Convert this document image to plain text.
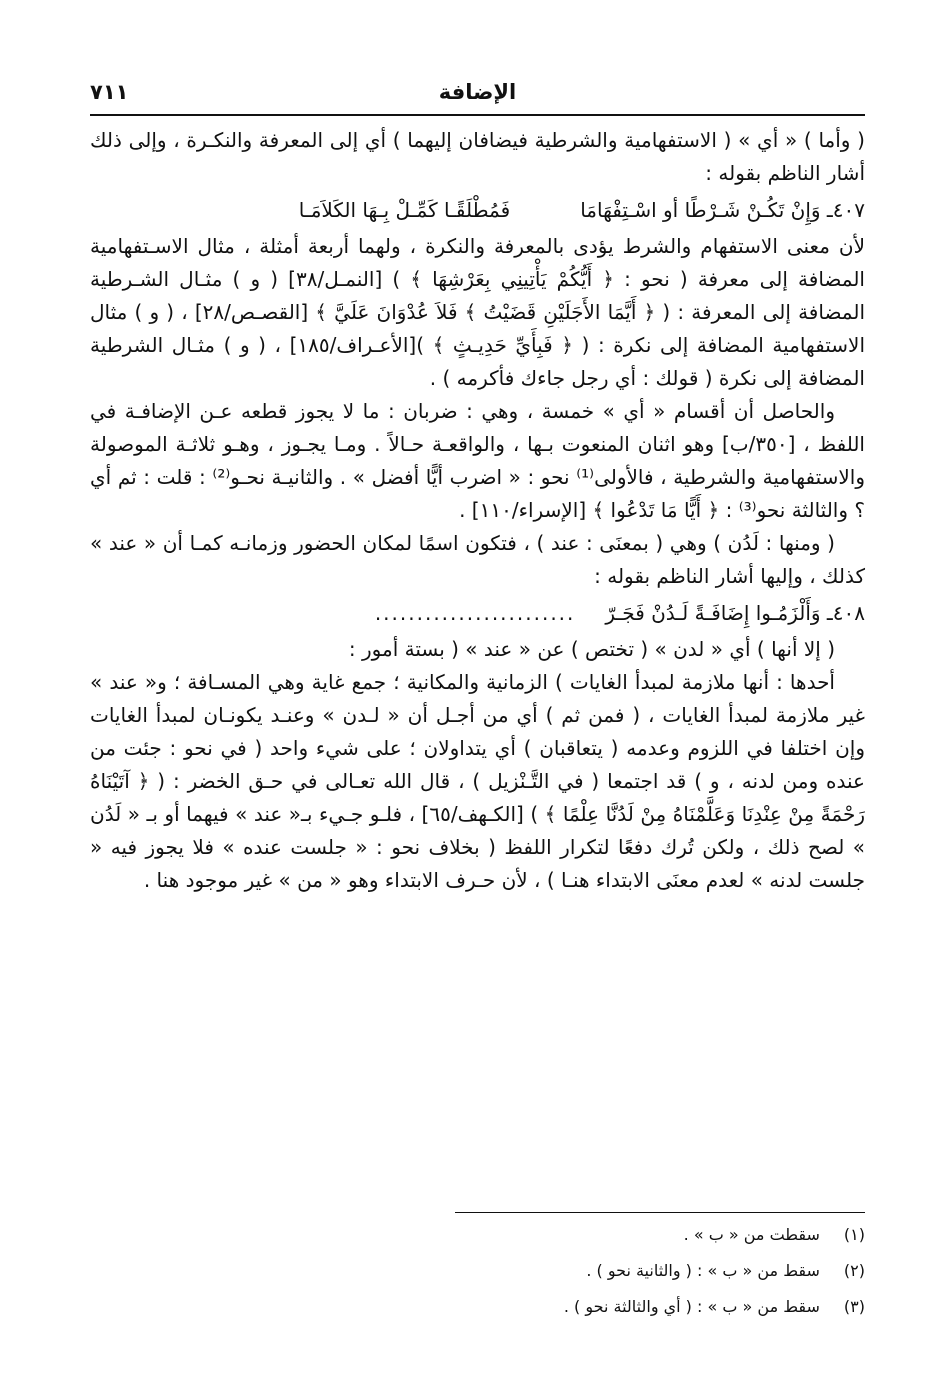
الإضافة
٧١١

( وأما ) « أي » ( الاستفهامية والشرطية فيضافان إليهما ) أي إلى المعرفة والنكـرة ، وإلى ذلك أشار الناظم بقوله :

٤٠٧ـ وَإِنْ تَكُـنْ شَـرْطًا أو اسْـتِفْهَامَا
فَمُطْلَقًـا كَمِّـلْ بِـهَا الكَلاَمَـا

لأن معنى الاستفهام والشرط يؤدى بالمعرفة والنكرة ، ولهما أربعة أمثلة ، مثال الاسـتفهامية المضافة إلى معرفة ( نحو : ﴿ أَيُّكُمْ يَأْتِينِي بِعَرْشِهَا ﴾ ) [النمـل/٣٨] ( و ) مثـال الشـرطية المضافة إلى المعرفة : ( ﴿ أَيَّمَا الأَجَلَيْنِ قَضَيْتُ ﴾ فَلاَ عُدْوَانَ عَلَيَّ ﴾ [القصـص/٢٨] ، ( و ) مثال الاستفهامية المضافة إلى نكرة : ( ﴿ فَبِأَيِّ حَدِيـثٍ ﴾ )[الأعـراف/١٨٥] ، ( و ) مثـال الشرطية المضافة إلى نكرة ( قولك : أي رجل جاءك فأكرمه ) .

والحاصل أن أقسام « أي » خمسة ، وهي : ضربان : ما لا يجوز قطعه عـن الإضافـة في اللفظ ، [٣٥٠/ب] وهو اثنان المنعوت بـها ، والواقعـة حـالاً . ومـا يجـوز ، وهـو ثلاثـة الموصولة والاستفهامية والشرطية ، فالأولى⁽¹⁾ نحو : « اضرب أيًّا أفضل » . والثانيـة نحـو⁽²⁾ : قلت : ثم أي ؟ والثالثة نحو⁽³⁾ : ﴿ أَيًّا مَا تَدْعُوا ﴾ [الإسراء/١١٠] .

( ومنها : لَدُن ) وهي ( بمعنَى : عند ) ، فتكون اسمًا لمكان الحضور وزمانـه كمـا أن « عند » كذلك ، وإليها أشار الناظم بقوله :

٤٠٨ـ وَأَلْزَمُـوا إِضَافَـةً لَـدُنْ فَجَـرّ
........................

( إلا أنها ) أي « لدن » ( تختص ) عن « عند » ( بستة أمور :

أحدها : أنها ملازمة لمبدأ الغايات ) الزمانية والمكانية ؛ جمع غاية وهي المسـافة ؛ و« عند » غير ملازمة لمبدأ الغايات ، ( فمن ثم ) أي من أجـل أن « لـدن » وعنـد يكونـان لمبدأ الغايات وإن اختلفا في اللزوم وعدمه ( يتعاقبان ) أي يتداولان ؛ على شيء واحد ( في نحو : جئت من عنده ومن لدنه ، و ) قد اجتمعا ( في التَّـنْزيل ) ، قال الله تعـالى في حـق الخضر : ( ﴿ آتَيْنَاهُ رَحْمَةً مِنْ عِنْدِنَا وَعَلَّمْنَاهُ مِنْ لَدُنَّا عِلْمًا ﴾ ) [الكـهف/٦٥] ، فلـو جـيء بـ« عند » فيهما أو بـ « لَدُن » لصح ذلك ، ولكن تُرك دفعًا لتكرار اللفظ ( بخلاف نحو : « جلست عنده » فلا يجوز فيه « جلست لدنه » لعدم معنَى الابتداء هنـا ) ، لأن حـرف الابتداء وهو « من » غير موجود هنا .

(١) سقطت من « ب » .
(٢) سقط من « ب » : ( والثانية نحو ) .
(٣) سقط من « ب » : ( أي والثالثة نحو ) .
